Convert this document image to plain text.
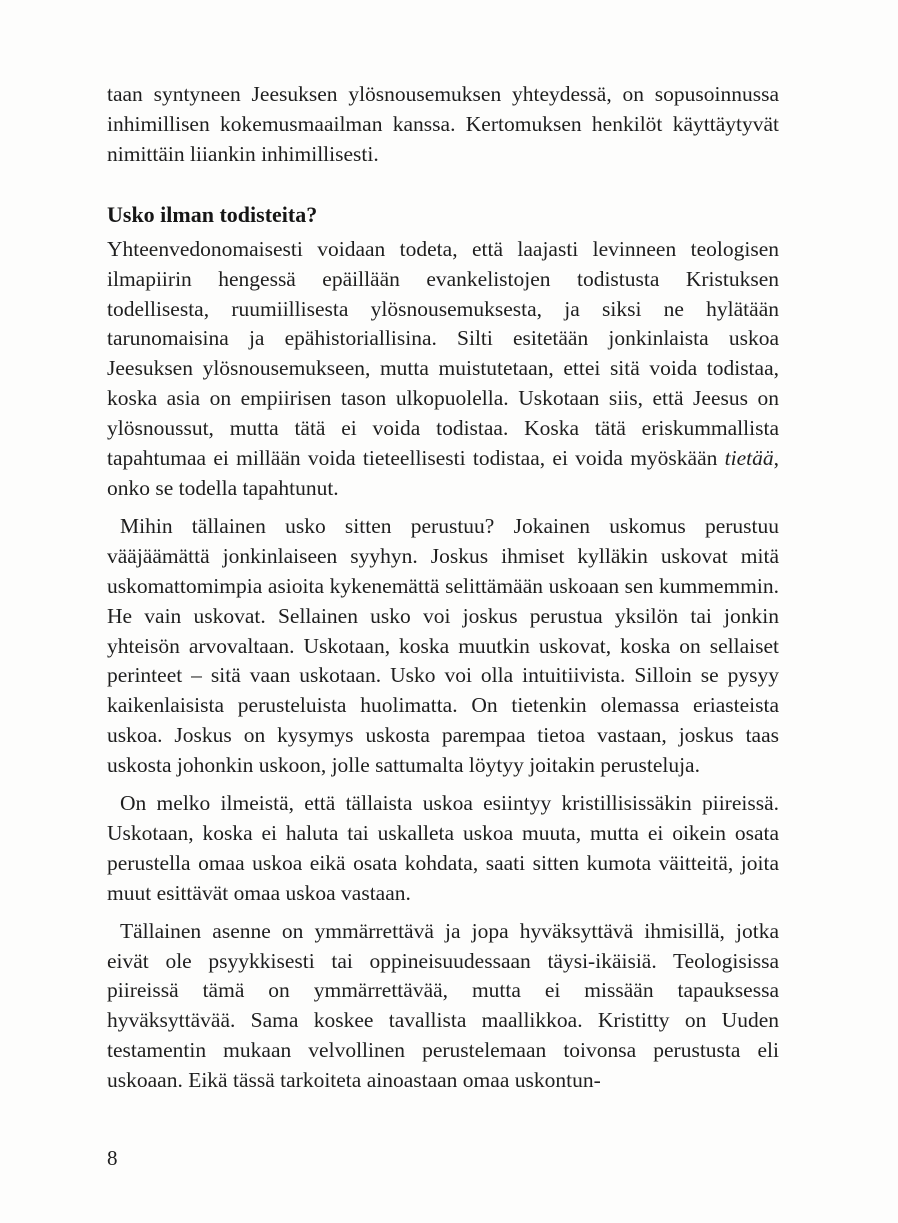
taan syntyneen Jeesuksen ylösnousemuksen yhteydessä, on sopusoinnussa inhimillisen kokemusmaailman kanssa. Kertomuksen henkilöt käyttäytyvät nimittäin liiankin inhimillisesti.

Usko ilman todisteita?

Yhteenvedonomaisesti voidaan todeta, että laajasti levinneen teologisen ilmapiirin hengessä epäillään evankelistojen todistusta Kristuksen todellisesta, ruumiillisesta ylösnousemuksesta, ja siksi ne hylätään tarunomaisina ja epähistoriallisina. Silti esitetään jonkinlaista uskoa Jeesuksen ylösnousemukseen, mutta muistutetaan, ettei sitä voida todistaa, koska asia on empiirisen tason ulkopuolella. Uskotaan siis, että Jeesus on ylösnoussut, mutta tätä ei voida todistaa. Koska tätä eriskummallista tapahtumaa ei millään voida tieteellisesti todistaa, ei voida myöskään tietää, onko se todella tapahtunut.

Mihin tällainen usko sitten perustuu? Jokainen uskomus perustuu vääjäämättä jonkinlaiseen syyhyn. Joskus ihmiset kylläkin uskovat mitä uskomattomimpia asioita kykenemättä selittämään uskoaan sen kummemmin. He vain uskovat. Sellainen usko voi joskus perustua yksilön tai jonkin yhteisön arvovaltaan. Uskotaan, koska muutkin uskovat, koska on sellaiset perinteet – sitä vaan uskotaan. Usko voi olla intuitiivista. Silloin se pysyy kaikenlaisista perusteluista huolimatta. On tietenkin olemassa eriasteista uskoa. Joskus on kysymys uskosta parempaa tietoa vastaan, joskus taas uskosta johonkin uskoon, jolle sattumalta löytyy joitakin perusteluja.

On melko ilmeistä, että tällaista uskoa esiintyy kristillisissäkin piireissä. Uskotaan, koska ei haluta tai uskalleta uskoa muuta, mutta ei oikein osata perustella omaa uskoa eikä osata kohdata, saati sitten kumota väitteitä, joita muut esittävät omaa uskoa vastaan.

Tällainen asenne on ymmärrettävä ja jopa hyväksyttävä ihmisillä, jotka eivät ole psyykkisesti tai oppineisuudessaan täysi-ikäisiä. Teologisissa piireissä tämä on ymmärrettävää, mutta ei missään tapauksessa hyväksyttävää. Sama koskee tavallista maallikkoa. Kristitty on Uuden testamentin mukaan velvollinen perustelemaan toivonsa perustusta eli uskoaan. Eikä tässä tarkoiteta ainoastaan omaa uskontun-

8
